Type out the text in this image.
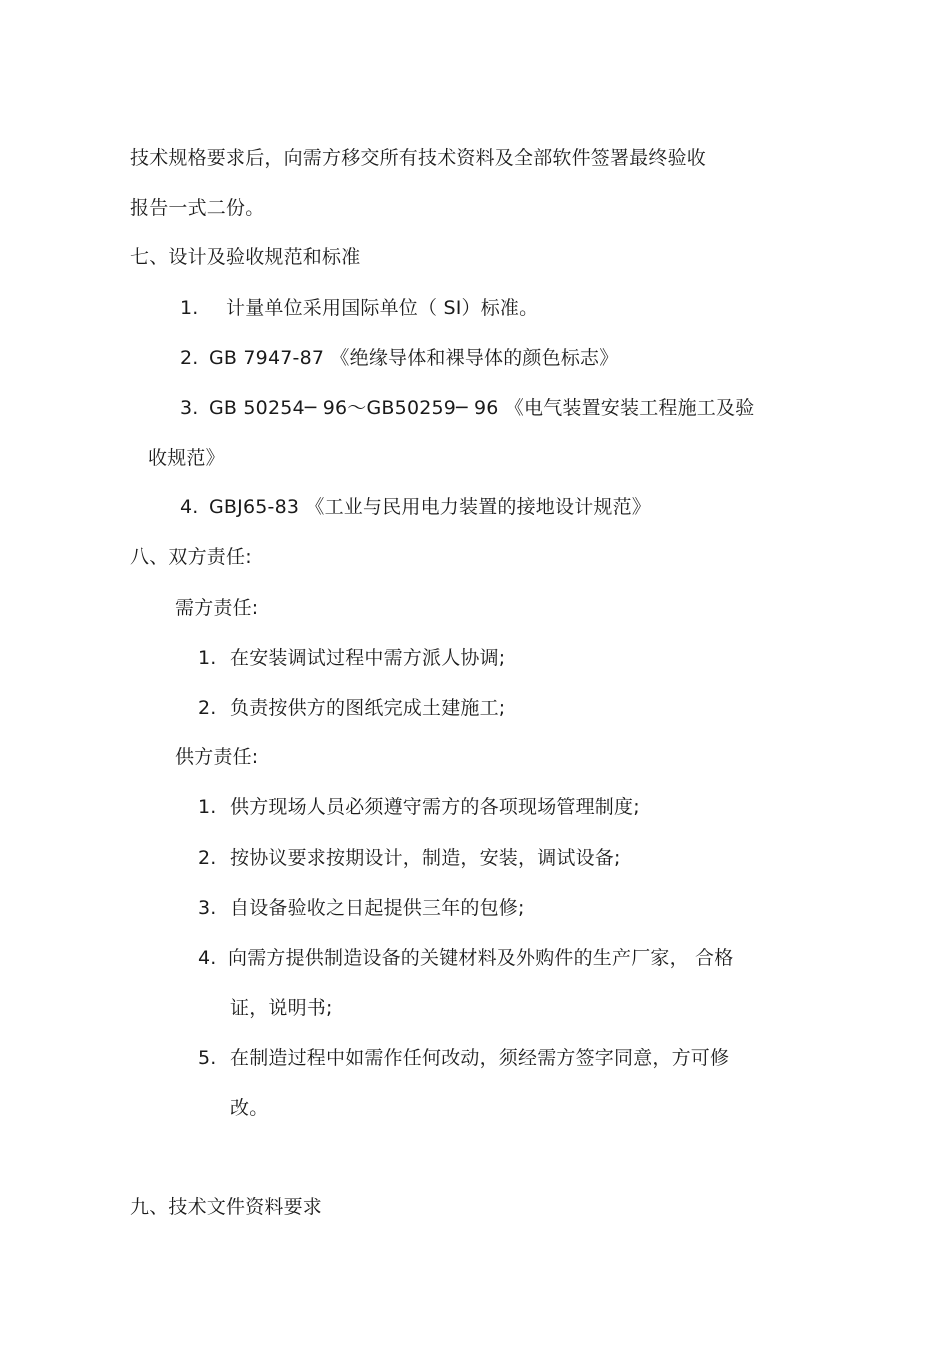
技术规格要求后，向需方移交所有技术资料及全部软件签署最终验收
报告一式二份。
七、设计及验收规范和标准
1. 计量单位采用国际单位（ SI）标准。
2. GB 7947-87 《绝缘导体和裸导体的颜色标志》
3. GB 50254─ 96～GB50259─ 96 《电气装置安装工程施工及验
收规范》
4. GBJ65-83 《工业与民用电力装置的接地设计规范》
八、双方责任:
需方责任:
1. 在安装调试过程中需方派人协调;
2. 负责按供方的图纸完成土建施工;
供方责任:
1. 供方现场人员必须遵守需方的各项现场管理制度;
2. 按协议要求按期设计，制造，安装，调试设备;
3. 自设备验收之日起提供三年的包修;
4. 向需方提供制造设备的关键材料及外购件的生产厂家， 合格
证，说明书;
5. 在制造过程中如需作任何改动，须经需方签字同意，方可修
改。
九、技术文件资料要求
